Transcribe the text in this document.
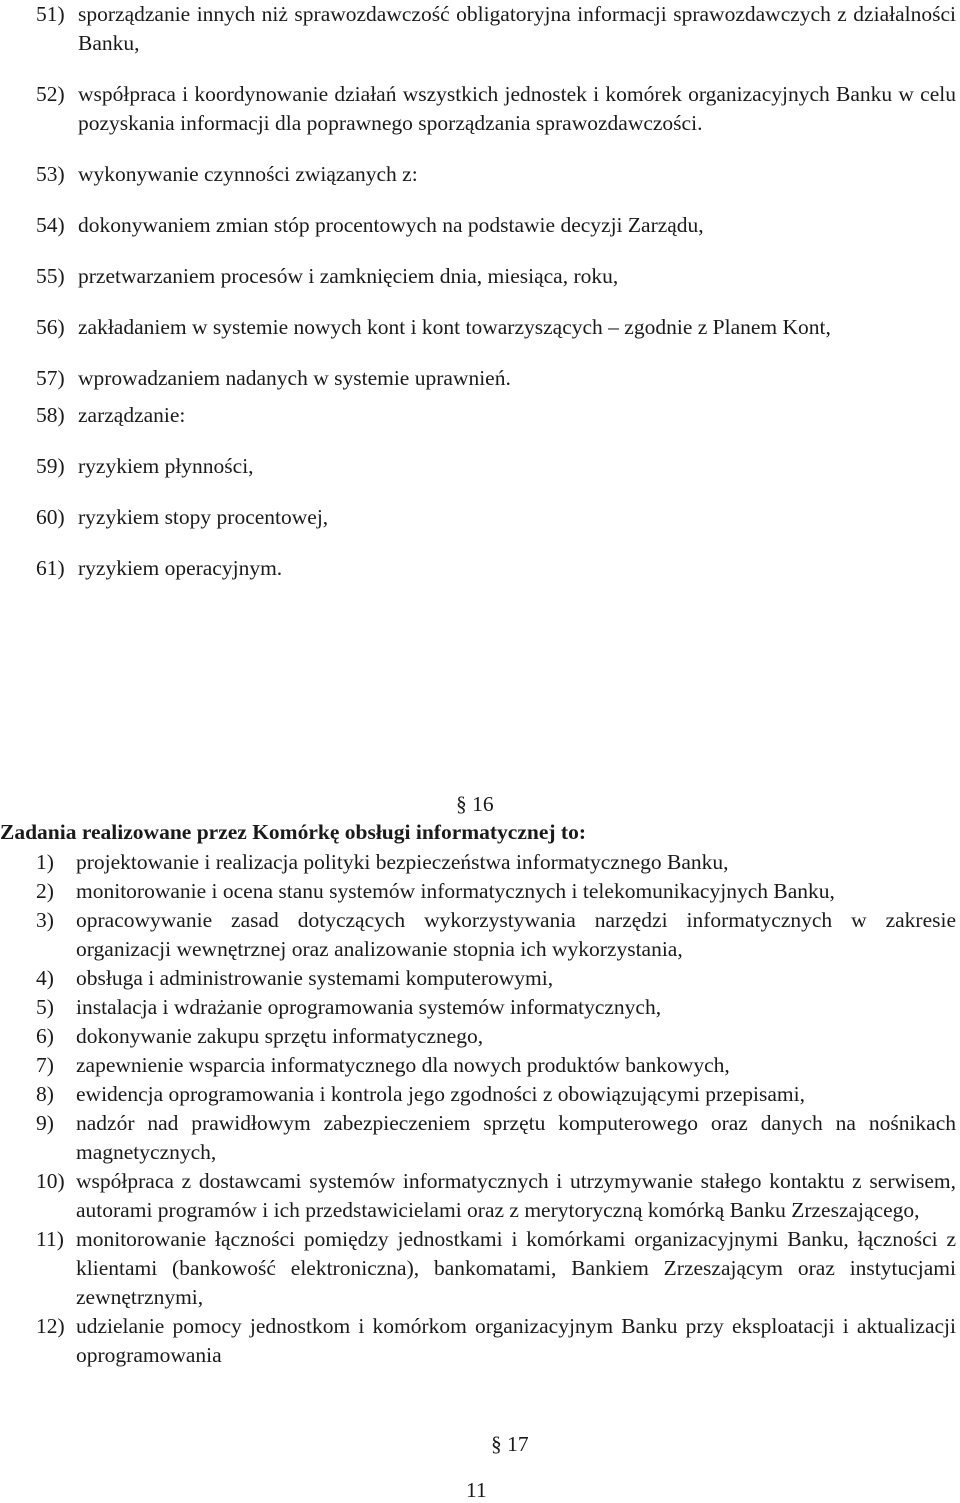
51) sporządzanie innych niż sprawozdawczość obligatoryjna informacji sprawozdawczych z działalności Banku,
52) współpraca i koordynowanie działań wszystkich jednostek i komórek organizacyjnych Banku w celu pozyskania informacji dla poprawnego sporządzania sprawozdawczości.
53) wykonywanie czynności związanych z:
54) dokonywaniem zmian stóp procentowych na podstawie decyzji Zarządu,
55) przetwarzaniem procesów i zamknięciem dnia, miesiąca, roku,
56) zakładaniem w systemie nowych kont i kont towarzyszących – zgodnie z Planem Kont,
57) wprowadzaniem nadanych w systemie uprawnień.
58) zarządzanie:
59) ryzykiem płynności,
60) ryzykiem stopy procentowej,
61) ryzykiem operacyjnym.
§ 16
Zadania realizowane przez Komórkę obsługi informatycznej to:
1) projektowanie i realizacja polityki bezpieczeństwa informatycznego Banku,
2) monitorowanie i ocena stanu systemów informatycznych i telekomunikacyjnych Banku,
3) opracowywanie zasad dotyczących wykorzystywania narzędzi informatycznych w zakresie organizacji wewnętrznej oraz analizowanie stopnia ich wykorzystania,
4) obsługa i administrowanie systemami komputerowymi,
5) instalacja i wdrażanie oprogramowania systemów informatycznych,
6) dokonywanie zakupu sprzętu informatycznego,
7) zapewnienie wsparcia informatycznego dla nowych produktów bankowych,
8) ewidencja oprogramowania i kontrola jego zgodności z obowiązującymi przepisami,
9) nadzór nad prawidłowym zabezpieczeniem sprzętu komputerowego oraz danych na nośnikach magnetycznych,
10) współpraca z dostawcami systemów informatycznych i utrzymywanie stałego kontaktu z serwisem, autorami programów i ich przedstawicielami oraz z merytoryczną komórką Banku Zrzeszającego,
11) monitorowanie łączności pomiędzy jednostkami i komórkami organizacyjnymi Banku, łączności z klientami (bankowość elektroniczna), bankomatami, Bankiem Zrzeszającym oraz instytucjami zewnętrznymi,
12) udzielanie pomocy jednostkom i komórkom organizacyjnym Banku przy eksploatacji i aktualizacji oprogramowania
§ 17
11
